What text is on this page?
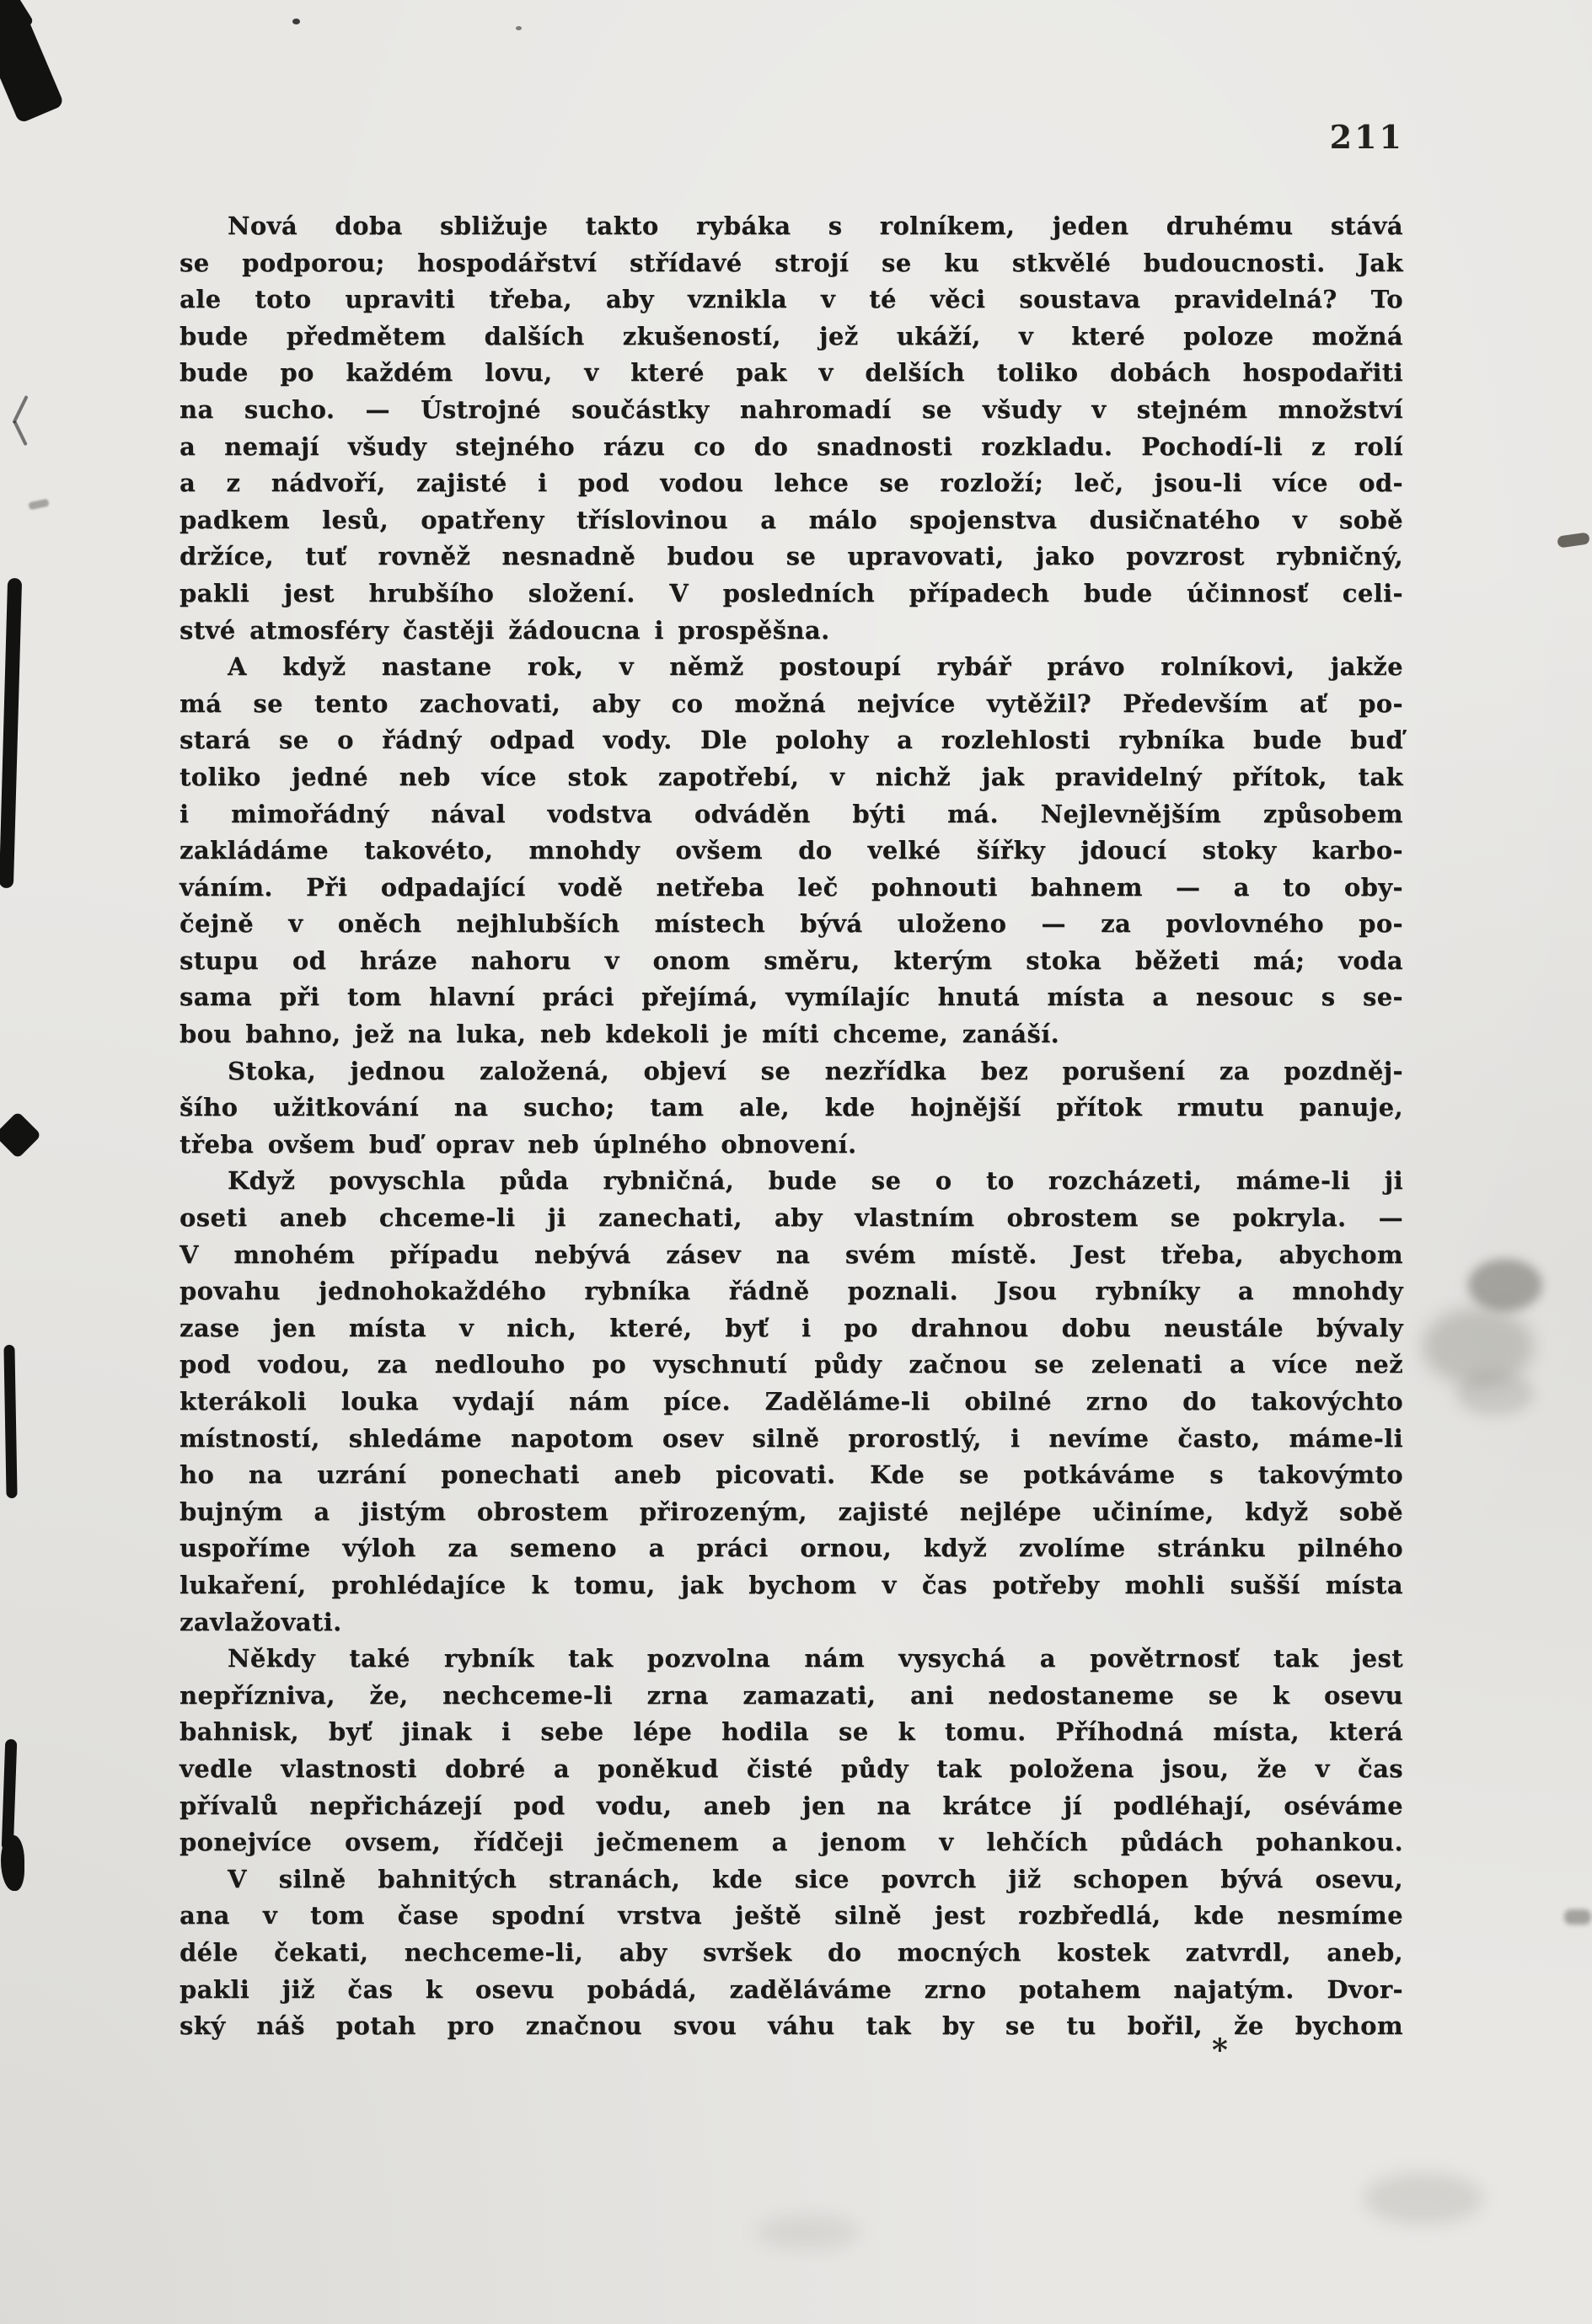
211
Nová doba sbližuje takto rybáka s rolníkem, jeden druhému stává
se podporou; hospodářství střídavé strojí se ku stkvělé budoucnosti. Jak
ale toto upraviti třeba, aby vznikla v té věci soustava pravidelná? To
bude předmětem dalších zkušeností, jež ukáží, v které poloze možná
bude po každém lovu, v které pak v delších toliko dobách hospodařiti
na sucho. — Ústrojné součástky nahromadí se všudy v stejném množství
a nemají všudy stejného rázu co do snadnosti rozkladu. Pochodí-li z rolí
a z nádvoří, zajisté i pod vodou lehce se rozloží; leč, jsou-li více od-
padkem lesů, opatřeny tříslovinou a málo spojenstva dusičnatého v sobě
držíce, tuť rovněž nesnadně budou se upravovati, jako povzrost rybničný,
pakli jest hrubšího složení. V posledních případech bude účinnosť celi-
stvé atmosféry častěji žádoucna i prospěšna.
A když nastane rok, v němž postoupí rybář právo rolníkovi, jakže
má se tento zachovati, aby co možná nejvíce vytěžil? Především ať po-
stará se o řádný odpad vody. Dle polohy a rozlehlosti rybníka bude buď
toliko jedné neb více stok zapotřebí, v nichž jak pravidelný přítok, tak
i mimořádný nával vodstva odváděn býti má. Nejlevnějším způsobem
zakládáme takovéto, mnohdy ovšem do velké šířky jdoucí stoky karbo-
váním. Při odpadající vodě netřeba leč pohnouti bahnem — a to oby-
čejně v oněch nejhlubších místech bývá uloženo — za povlovného po-
stupu od hráze nahoru v onom směru, kterým stoka běžeti má; voda
sama při tom hlavní práci přejímá, vymílajíc hnutá místa a nesouc s se-
bou bahno, jež na luka, neb kdekoli je míti chceme, zanáší.
Stoka, jednou založená, objeví se nezřídka bez porušení za pozdněj-
šího užitkování na sucho; tam ale, kde hojnější přítok rmutu panuje,
třeba ovšem buď oprav neb úplného obnovení.
Když povyschla půda rybničná, bude se o to rozcházeti, máme-li ji
oseti aneb chceme-li ji zanechati, aby vlastním obrostem se pokryla. —
V mnohém případu nebývá zásev na svém místě. Jest třeba, abychom
povahu jednohokaždého rybníka řádně poznali. Jsou rybníky a mnohdy
zase jen místa v nich, které, byť i po drahnou dobu neustále bývaly
pod vodou, za nedlouho po vyschnutí půdy začnou se zelenati a více než
kterákoli louka vydají nám píce. Zaděláme-li obilné zrno do takovýchto
místností, shledáme napotom osev silně prorostlý, i nevíme často, máme-li
ho na uzrání ponechati aneb picovati. Kde se potkáváme s takovýmto
bujným a jistým obrostem přirozeným, zajisté nejlépe učiníme, když sobě
uspoříme výloh za semeno a práci ornou, když zvolíme stránku pilného
lukaření, prohlédajíce k tomu, jak bychom v čas potřeby mohli sušší místa
zavlažovati.
Někdy také rybník tak pozvolna nám vysychá a povětrnosť tak jest
nepřízniva, že, nechceme-li zrna zamazati, ani nedostaneme se k osevu
bahnisk, byť jinak i sebe lépe hodila se k tomu. Příhodná místa, která
vedle vlastnosti dobré a poněkud čisté půdy tak položena jsou, že v čas
přívalů nepřicházejí pod vodu, aneb jen na krátce jí podléhají, oséváme
ponejvíce ovsem, řídčeji ječmenem a jenom v lehčích půdách pohankou.
V silně bahnitých stranách, kde sice povrch již schopen bývá osevu,
ana v tom čase spodní vrstva ještě silně jest rozbředlá, kde nesmíme
déle čekati, nechceme-li, aby svršek do mocných kostek zatvrdl, aneb,
pakli již čas k osevu pobádá, zaděláváme zrno potahem najatým. Dvor-
ský náš potah pro značnou svou váhu tak by se tu bořil, že bychom
*
